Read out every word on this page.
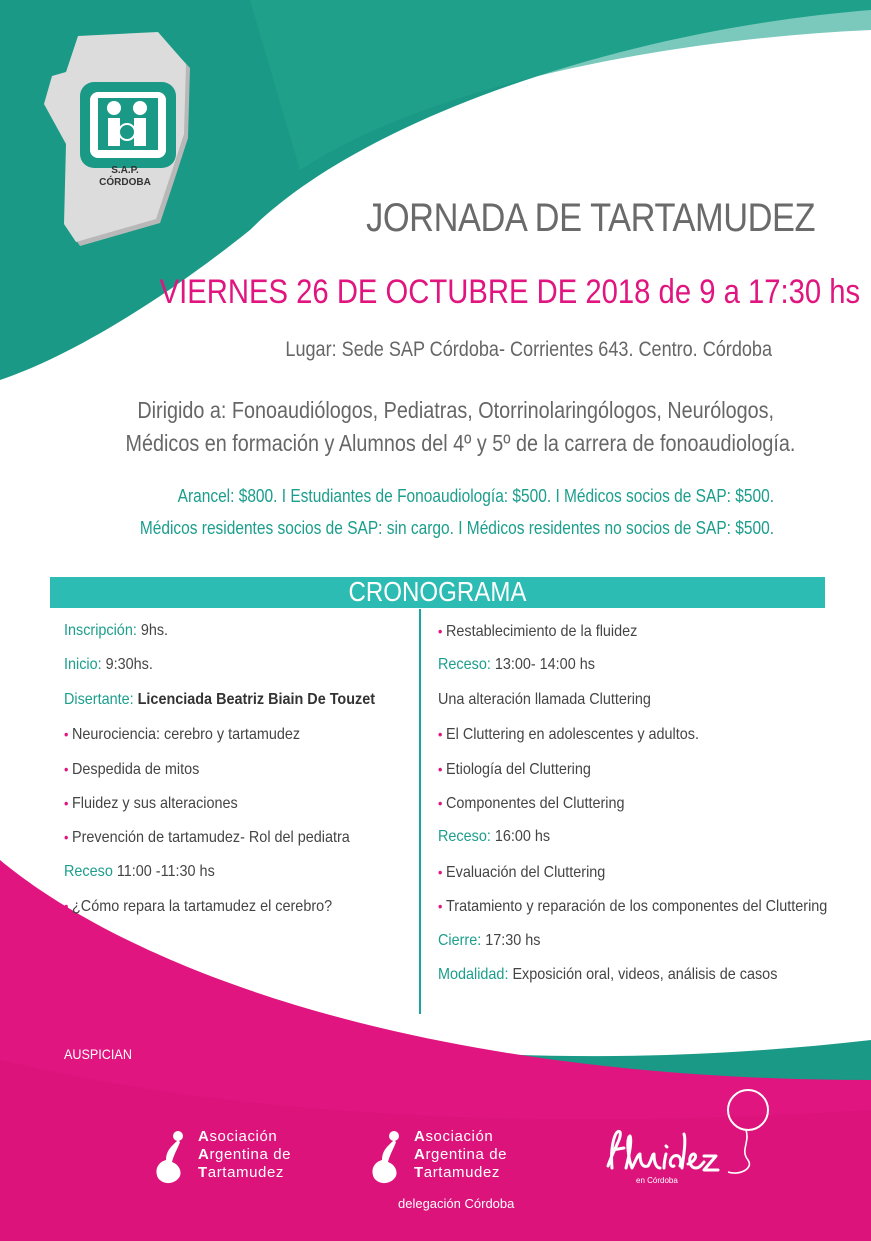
S.A.P.
CÓRDOBA
JORNADA DE TARTAMUDEZ
VIERNES 26 DE OCTUBRE DE 2018 de 9 a 17:30 hs
Lugar: Sede SAP Córdoba- Corrientes 643. Centro. Córdoba
Dirigido a: Fonoaudiólogos, Pediatras, Otorrinolaringólogos, Neurólogos,
Médicos en formación y Alumnos del 4º y 5º de la carrera de fonoaudiología.
Arancel: $800. I Estudiantes de Fonoaudiología: $500. I Médicos socios de SAP: $500.
Médicos residentes socios de SAP: sin cargo. I Médicos residentes no socios de SAP: $500.
CRONOGRAMA
Inscripción: 9hs.
Inicio: 9:30hs.
Disertante: Licenciada Beatriz Biain De Touzet
• Neurociencia: cerebro y tartamudez
• Despedida de mitos
• Fluidez y sus alteraciones
• Prevención de tartamudez- Rol del pediatra
Receso 11:00 -11:30 hs
• ¿Cómo repara la tartamudez el cerebro?
• Restablecimiento de la fluidez
Receso: 13:00- 14:00 hs
Una alteración llamada Cluttering
• El Cluttering en adolescentes y adultos.
• Etiología del Cluttering
• Componentes del Cluttering
Receso: 16:00 hs
• Evaluación del Cluttering
• Tratamiento y reparación de los componentes del Cluttering
Cierre: 17:30 hs
Modalidad: Exposición oral, videos, análisis de casos
AUSPICIAN
Asociación
Argentina de
Tartamudez
Asociación
Argentina de
Tartamudez
delegación Córdoba
en Córdoba
